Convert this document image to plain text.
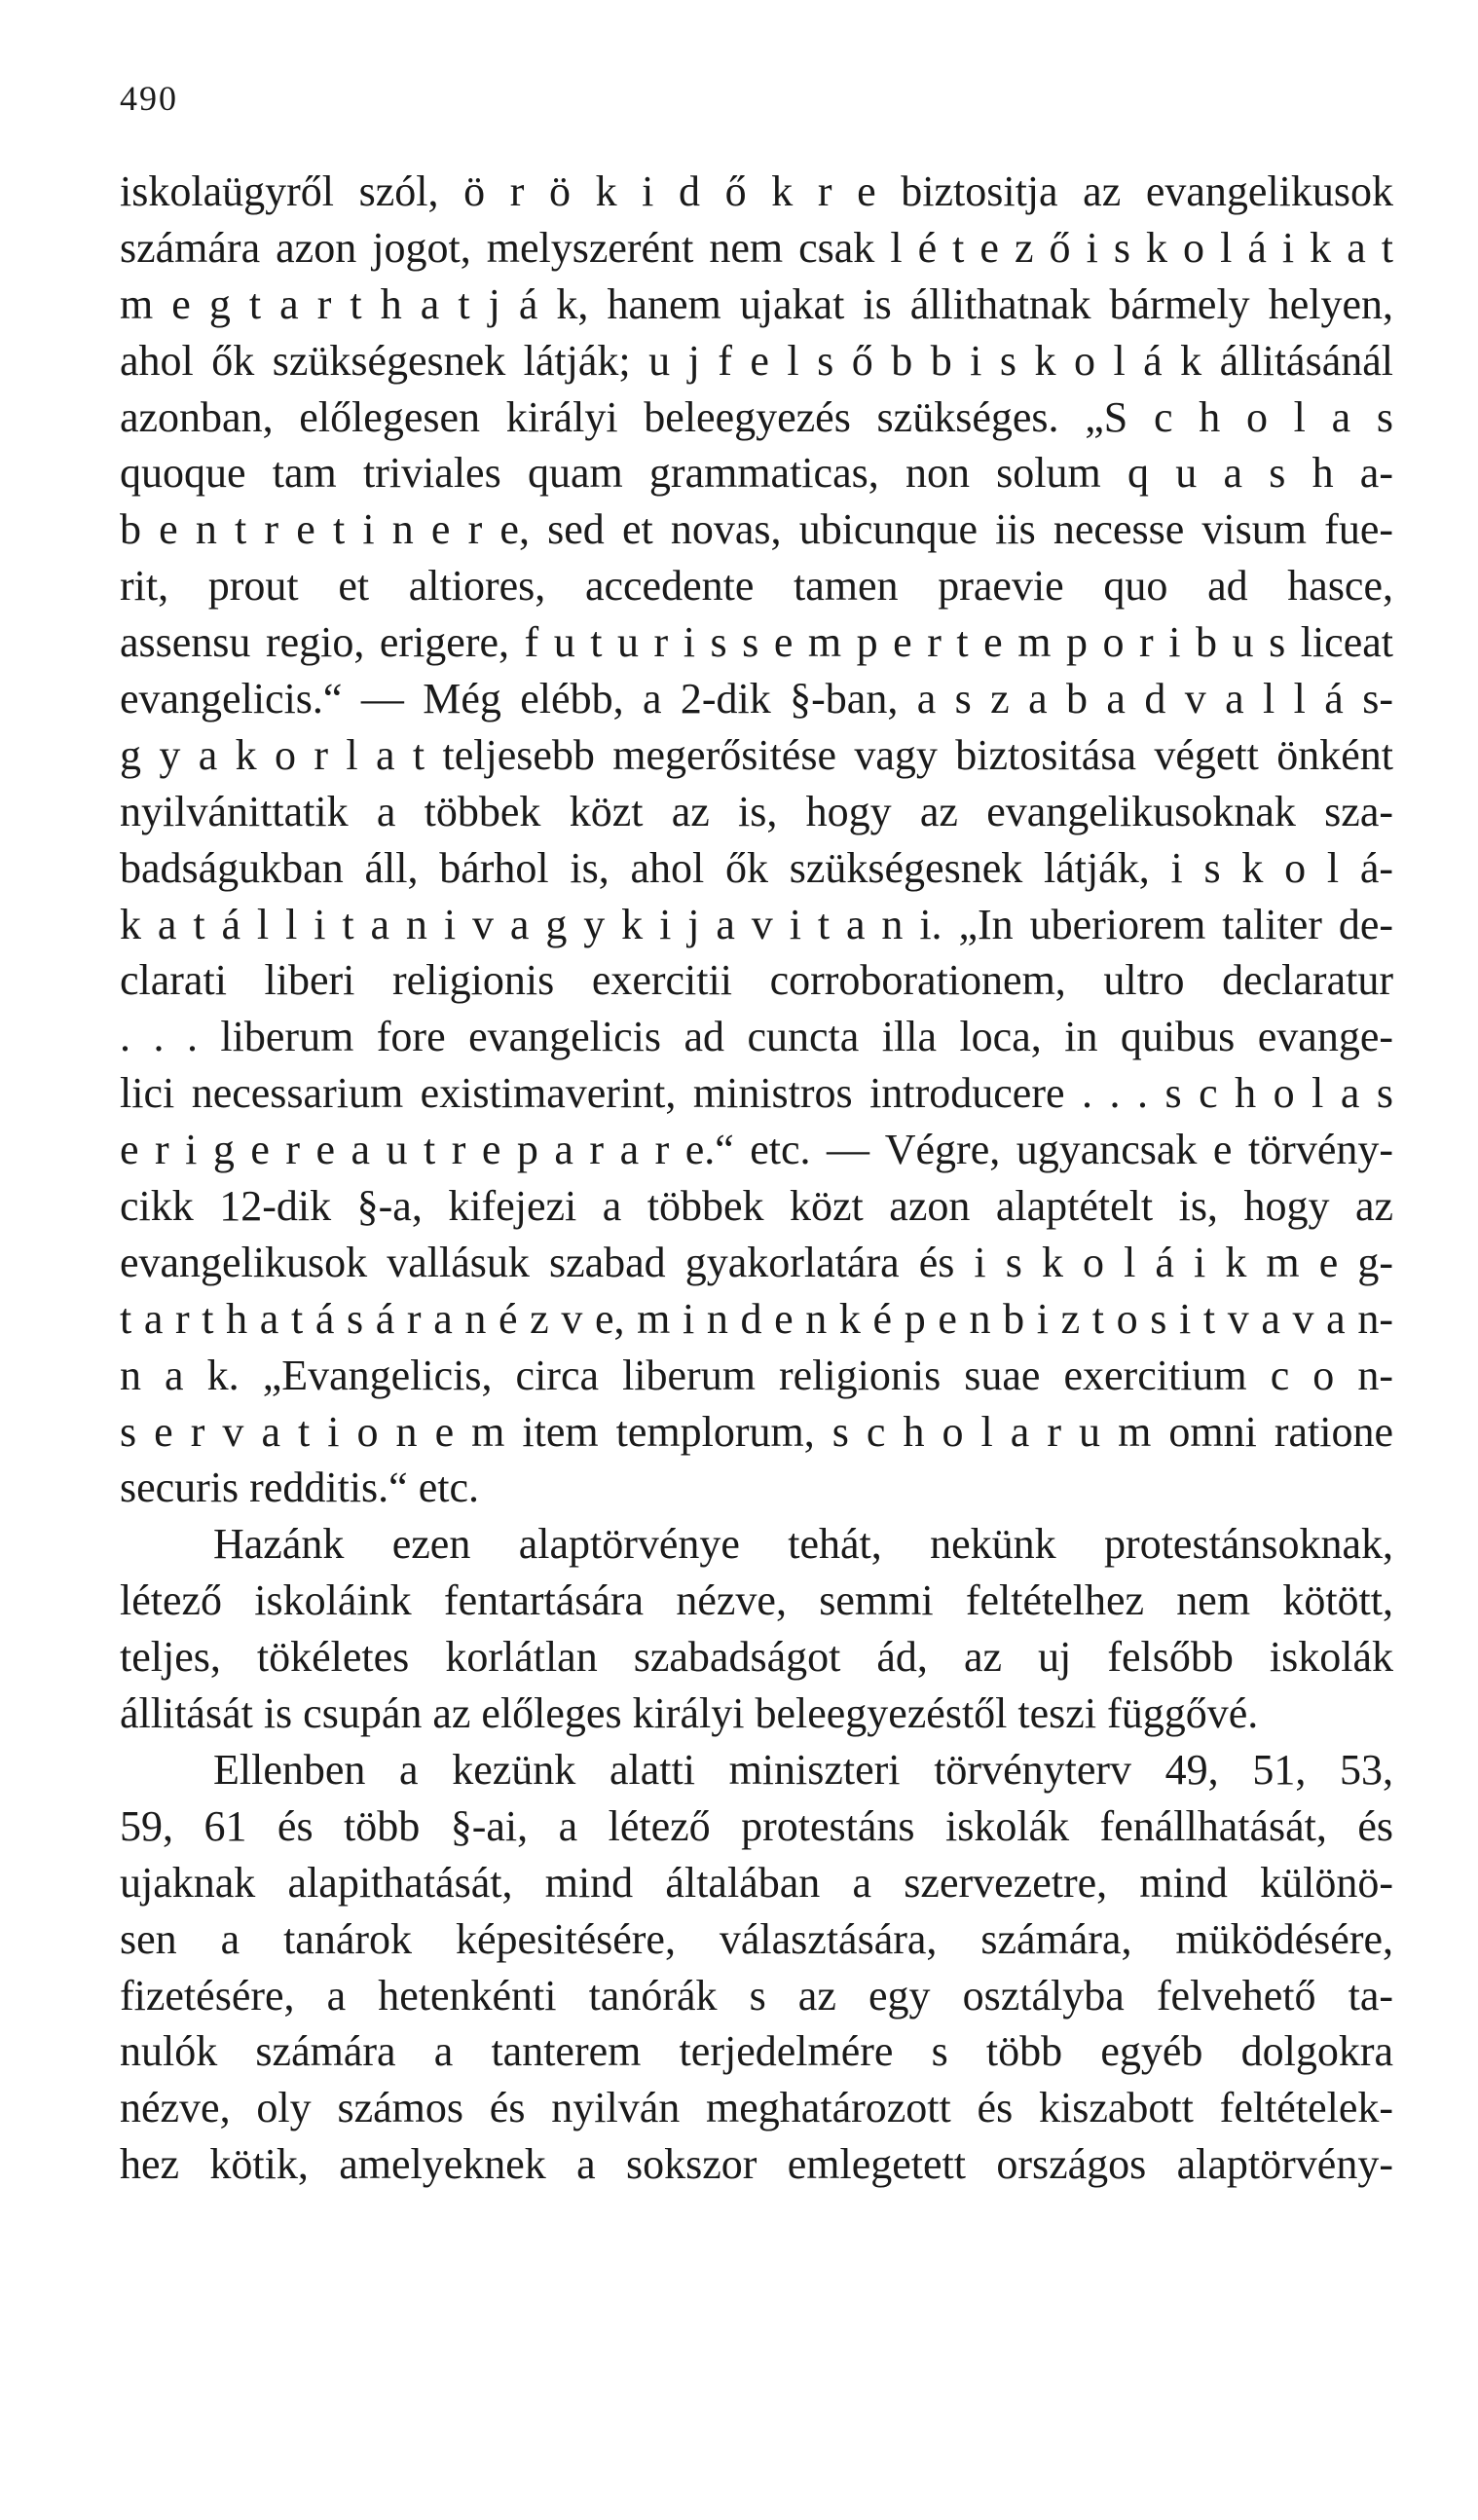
490
iskolaügyről szól, ö r ö k i d ő k r e biztositja az evangelikusok
számára azon jogot, melyszerént nem csak l é t e z ő i s k o l á i k a t
m e g t a r t h a t j á k, hanem ujakat is állithatnak bármely helyen,
ahol ők szükségesnek látják; u j f e l s ő b b i s k o l á k állitásánál
azonban, előlegesen királyi beleegyezés szükséges. „S c h o l a s
quoque tam triviales quam grammaticas, non solum q u a s h a-
b e n t r e t i n e r e, sed et novas, ubicunque iis necesse visum fue-
rit, prout et altiores, accedente tamen praevie quo ad hasce,
assensu regio, erigere, f u t u r i s s e m p e r t e m p o r i b u s liceat
evangelicis.“ — Még elébb, a 2-dik §-ban, a s z a b a d v a l l á s-
g y a k o r l a t teljesebb megerősitése vagy biztositása végett önként
nyilvánittatik a többek közt az is, hogy az evangelikusoknak sza-
badságukban áll, bárhol is, ahol ők szükségesnek látják, i s k o l á-
k a t á l l i t a n i v a g y k i j a v i t a n i. „In uberiorem taliter de-
clarati liberi religionis exercitii corroborationem, ultro declaratur
. . . liberum fore evangelicis ad cuncta illa loca, in quibus evange-
lici necessarium existimaverint, ministros introducere . . . s c h o l a s
e r i g e r e a u t r e p a r a r e.“ etc. — Végre, ugyancsak e törvény-
cikk 12-dik §-a, kifejezi a többek közt azon alaptételt is, hogy az
evangelikusok vallásuk szabad gyakorlatára és i s k o l á i k m e g-
t a r t h a t á s á r a n é z v e, m i n d e n k é p e n b i z t o s i t v a v a n-
n a k. „Evangelicis, circa liberum religionis suae exercitium c o n-
s e r v a t i o n e m item templorum, s c h o l a r u m omni ratione
securis redditis.“ etc.
Hazánk ezen alaptörvénye tehát, nekünk protestánsoknak,
létező iskoláink fentartására nézve, semmi feltételhez nem kötött,
teljes, tökéletes korlátlan szabadságot ád, az uj felsőbb iskolák
állitását is csupán az előleges királyi beleegyezéstől teszi függővé.
Ellenben a kezünk alatti miniszteri törvényterv 49, 51, 53,
59, 61 és több §-ai, a létező protestáns iskolák fenállhatását, és
ujaknak alapithatását, mind általában a szervezetre, mind különö-
sen a tanárok képesitésére, választására, számára, müködésére,
fizetésére, a hetenkénti tanórák s az egy osztályba felvehető ta-
nulók számára a tanterem terjedelmére s több egyéb dolgokra
nézve, oly számos és nyilván meghatározott és kiszabott feltételek-
hez kötik, amelyeknek a sokszor emlegetett országos alaptörvény-
